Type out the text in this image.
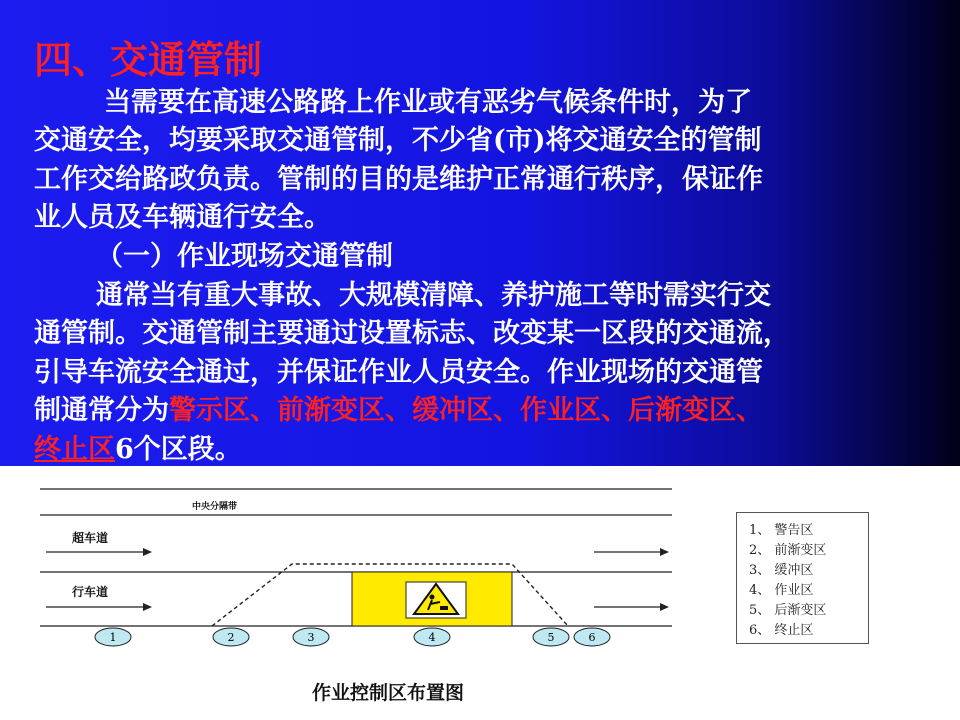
四、交通管制
当需要在高速公路路上作业或有恶劣气候条件时，为了
交通安全，均要采取交通管制，不少省(市)将交通安全的管制
工作交给路政负责。管制的目的是维护正常通行秩序，保证作
业人员及车辆通行安全。
（一）作业现场交通管制
通常当有重大事故、大规模清障、养护施工等时需实行交
通管制。交通管制主要通过设置标志、改变某一区段的交通流，
引导车流安全通过，并保证作业人员安全。作业现场的交通管
制通常分为警示区、前渐变区、缓冲区、作业区、后渐变区、
终止区6个区段。
1	2	3	4	5	6
中央分隔带
超车道
行车道
1、 警告区
2、 前渐变区
3、 缓冲区
4、 作业区
5、 后渐变区
6、 终止区
作业控制区布置图
